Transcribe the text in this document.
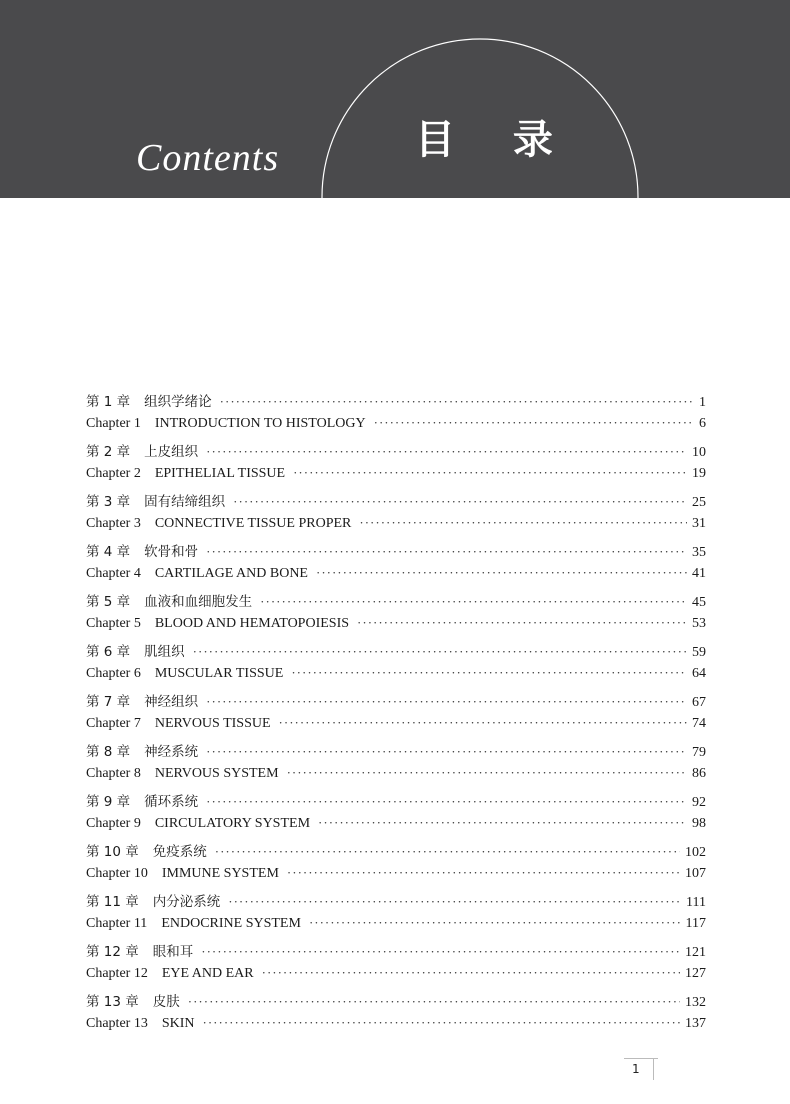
Contents	目 录
第 1 章 组织学绪论 ·····	1
Chapter 1 INTRODUCTION TO HISTOLOGY ·····	6
第 2 章 上皮组织 ·····	10
Chapter 2 EPITHELIAL TISSUE ·····	19
第 3 章 固有结缔组织 ·····	25
Chapter 3 CONNECTIVE TISSUE PROPER ·····	31
第 4 章 软骨和骨 ·····	35
Chapter 4 CARTILAGE AND BONE ·····	41
第 5 章 血液和血细胞发生 ·····	45
Chapter 5 BLOOD AND HEMATOPOIESIS ·····	53
第 6 章 肌组织 ·····	59
Chapter 6 MUSCULAR TISSUE ·····	64
第 7 章 神经组织 ·····	67
Chapter 7 NERVOUS TISSUE ·····	74
第 8 章 神经系统 ·····	79
Chapter 8 NERVOUS SYSTEM ·····	86
第 9 章 循环系统 ·····	92
Chapter 9 CIRCULATORY SYSTEM ·····	98
第 10 章 免疫系统 ·····	102
Chapter 10 IMMUNE SYSTEM ·····	107
第 11 章 内分泌系统 ·····	111
Chapter 11 ENDOCRINE SYSTEM ·····	117
第 12 章 眼和耳 ·····	121
Chapter 12 EYE AND EAR ·····	127
第 13 章 皮肤 ·····	132
Chapter 13 SKIN ·····	137
1
